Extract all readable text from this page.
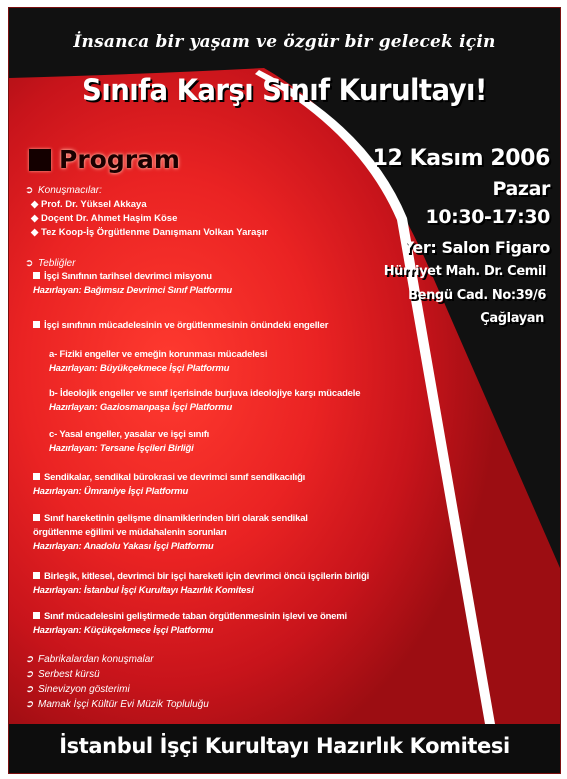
İnsanca bir yaşam ve özgür bir gelecek için

Sınıfa Karşı Sınıf Kurultayı!

Program	12 Kasım 2006
Pazar
10:30-17:30
Yer: Salon Figaro
Hürriyet Mah. Dr. Cemil
Bengü Cad. No:39/6
Çağlayan
➲ Konuşmacılar:
◆ Prof. Dr. Yüksel Akkaya
◆ Doçent Dr. Ahmet Haşim Köse
◆ Tez Koop-İş Örgütlenme Danışmanı Volkan Yaraşır
➲ Tebliğler
İşçi Sınıfının tarihsel devrimci misyonu
Hazırlayan: Bağımsız Devrimci Sınıf Platformu
İşçi sınıfının mücadelesinin ve örgütlenmesinin önündeki engeller
a- Fiziki engeller ve emeğin korunması mücadelesi
Hazırlayan: Büyükçekmece İşçi Platformu
b- İdeolojik engeller ve sınıf içerisinde burjuva ideolojiye karşı mücadele
Hazırlayan: Gaziosmanpaşa İşçi Platformu
c- Yasal engeller, yasalar ve işçi sınıfı
Hazırlayan: Tersane İşçileri Birliği
Sendikalar, sendikal bürokrasi ve devrimci sınıf sendikacılığı
Hazırlayan: Ümraniye İşçi Platformu
Sınıf hareketinin gelişme dinamiklerinden biri olarak sendikal
örgütlenme eğilimi ve müdahalenin sorunları
Hazırlayan: Anadolu Yakası İşçi Platformu
Birleşik, kitlesel, devrimci bir işçi hareketi için devrimci öncü işçilerin birliği
Hazırlayan: İstanbul İşçi Kurultayı Hazırlık Komitesi
Sınıf mücadelesini geliştirmede taban örgütlenmesinin işlevi ve önemi
Hazırlayan: Küçükçekmece İşçi Platformu
➲ Fabrikalardan konuşmalar
➲ Serbest kürsü
➲ Sinevizyon gösterimi
➲ Mamak İşçi Kültür Evi Müzik Topluluğu

İstanbul İşçi Kurultayı Hazırlık Komitesi
